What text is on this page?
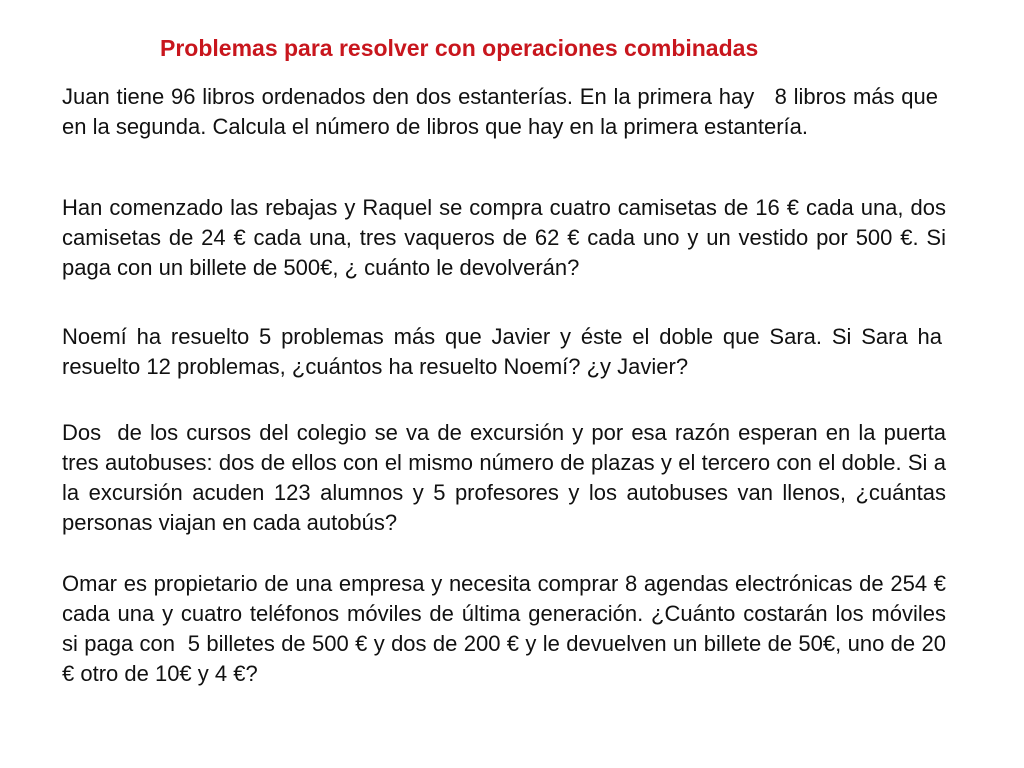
Problemas para resolver con operaciones combinadas

Juan tiene 96 libros ordenados den dos estanterías. En la primera hay   8 libros más que en la segunda. Calcula el número de libros que hay en la primera estantería.

Han comenzado las rebajas y Raquel se compra cuatro camisetas de 16 € cada una, dos camisetas de 24 € cada una, tres vaqueros de 62 € cada uno y un vestido por 500 €. Si paga con un billete de 500€, ¿ cuánto le devolverán?

Noemí ha resuelto 5 problemas más que Javier y éste el doble que Sara. Si Sara ha resuelto 12 problemas, ¿cuántos ha resuelto Noemí? ¿y Javier?

Dos  de los cursos del colegio se va de excursión y por esa razón esperan en la puerta tres autobuses: dos de ellos con el mismo número de plazas y el tercero con el doble. Si a la excursión acuden 123 alumnos y 5 profesores y los autobuses van llenos, ¿cuántas personas viajan en cada autobús?

Omar es propietario de una empresa y necesita comprar 8 agendas electrónicas de 254 € cada una y cuatro teléfonos móviles de última generación. ¿Cuánto costarán los móviles si paga con  5 billetes de 500 € y dos de 200 € y le devuelven un billete de 50€, uno de 20 € otro de 10€ y 4 €?
